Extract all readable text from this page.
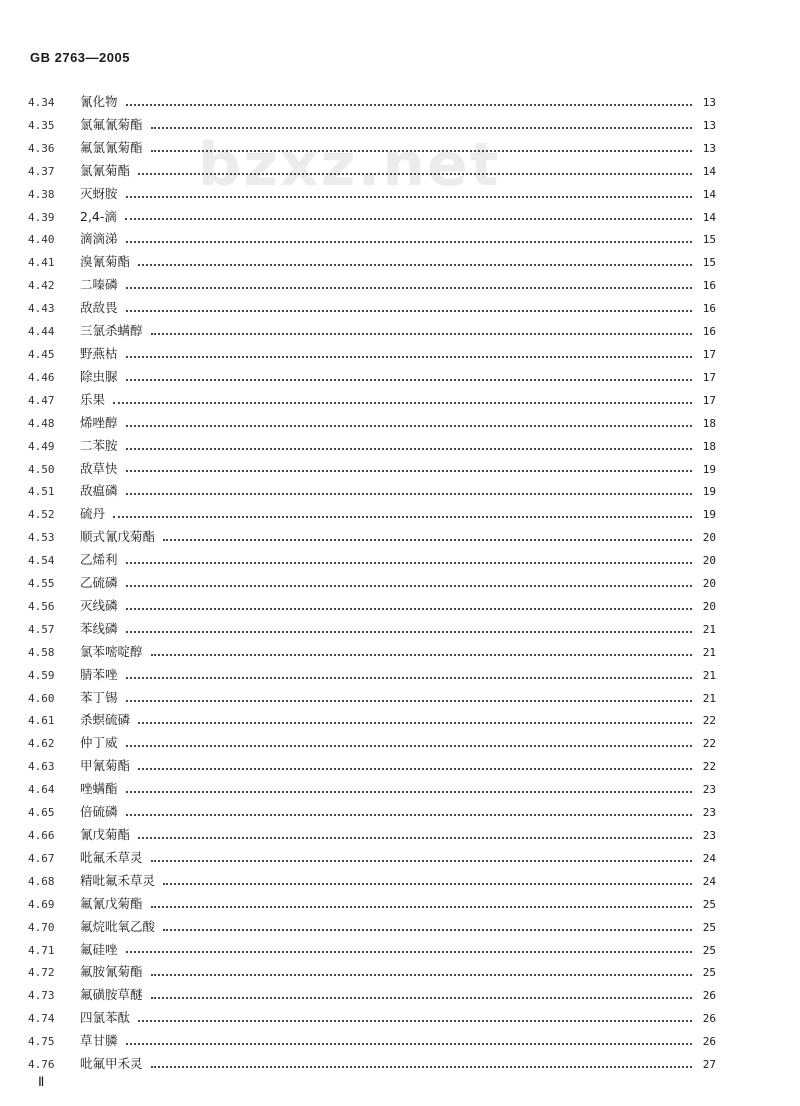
GB 2763—2005
bzxz.net
4.34	氰化物	13
4.35	氯氟氰菊酯	13
4.36	氟氯氰菊酯	13
4.37	氯氰菊酯	14
4.38	灭蚜胺	14
4.39	2,4-滴	14
4.40	滴滴涕	15
4.41	溴氰菊酯	15
4.42	二嗪磷	16
4.43	敌敌畏	16
4.44	三氯杀螨醇	16
4.45	野燕枯	17
4.46	除虫脲	17
4.47	乐果	17
4.48	烯唑醇	18
4.49	二苯胺	18
4.50	敌草快	19
4.51	敌瘟磷	19
4.52	硫丹	19
4.53	顺式氰戊菊酯	20
4.54	乙烯利	20
4.55	乙硫磷	20
4.56	灭线磷	20
4.57	苯线磷	21
4.58	氯苯嘧啶醇	21
4.59	腈苯唑	21
4.60	苯丁锡	21
4.61	杀螟硫磷	22
4.62	仲丁威	22
4.63	甲氰菊酯	22
4.64	唑螨酯	23
4.65	倍硫磷	23
4.66	氰戊菊酯	23
4.67	吡氟禾草灵	24
4.68	精吡氟禾草灵	24
4.69	氟氰戊菊酯	25
4.70	氟烷吡氧乙酸	25
4.71	氟硅唑	25
4.72	氟胺氰菊酯	25
4.73	氟磺胺草醚	26
4.74	四氯苯酞	26
4.75	草甘膦	26
4.76	吡氟甲禾灵	27
Ⅱ
